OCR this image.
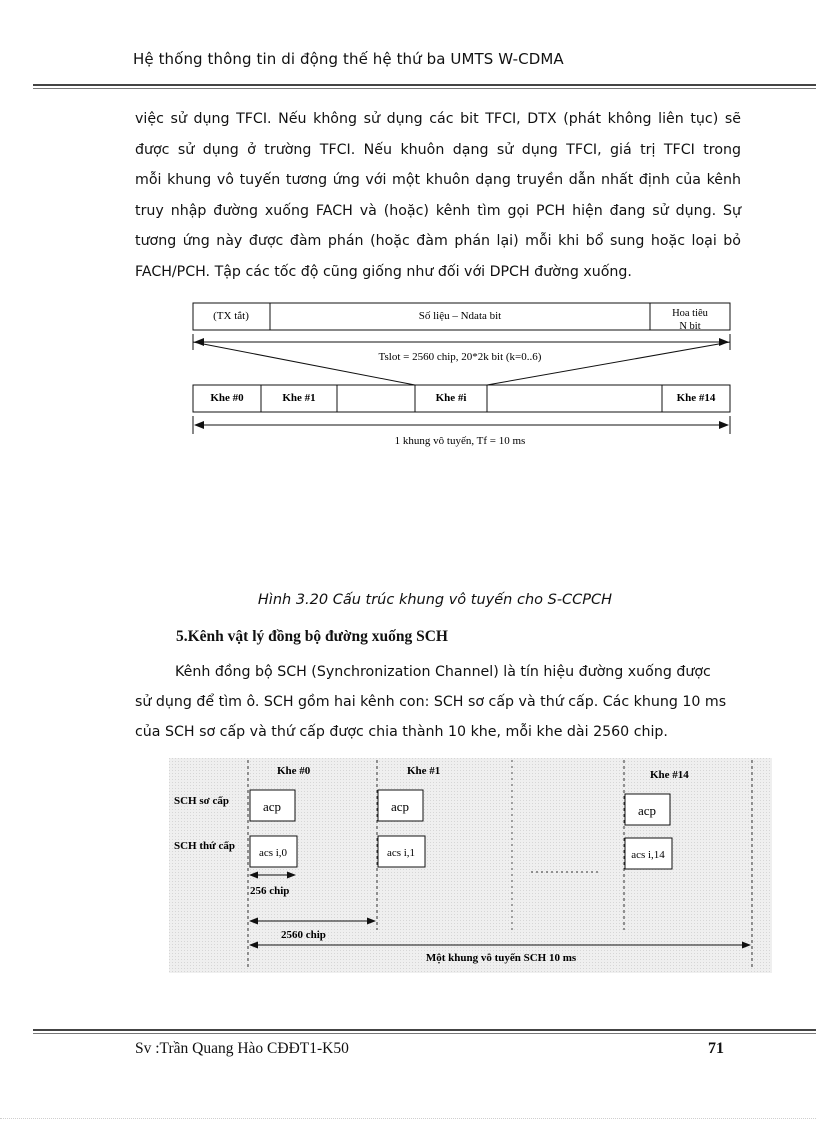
Hệ thống thông tin di động thế hệ thứ ba UMTS W-CDMA
việc sử dụng TFCI. Nếu không sử dụng các bit TFCI, DTX (phát không liên tục) sẽ
được sử dụng ở trường TFCI. Nếu khuôn dạng sử dụng TFCI, giá trị TFCI trong
mỗi khung vô tuyến tương ứng với một khuôn dạng truyền dẫn nhất định của kênh
truy nhập đường xuống FACH và (hoặc) kênh tìm gọi PCH hiện đang sử dụng. Sự
tương ứng này được đàm phán (hoặc đàm phán lại) mỗi khi bổ sung hoặc loại bỏ
FACH/PCH. Tập các tốc độ cũng giống như đối với DPCH đường xuống.
(TX tắt)	Số liệu – Ndata bit	Hoa tiêu
N bit
Tslot = 2560 chip, 20*2k bit (k=0..6)
Khe #0	Khe #1	Khe #i	Khe #14
1 khung vô tuyến, Tf = 10 ms
Hình 3.20 Cấu trúc khung vô tuyến cho S-CCPCH
5.Kênh vật lý đồng bộ đường xuống SCH
Kênh đồng bộ SCH (Synchronization Channel) là tín hiệu đường xuống được
sử dụng để tìm ô. SCH gồm hai kênh con: SCH sơ cấp và thứ cấp. Các khung 10 ms
của SCH sơ cấp và thứ cấp được chia thành 10 khe, mỗi khe dài 2560 chip.
Khe #0	Khe #1	Khe #14
SCH sơ cấp
SCH thứ cấp
acp	acp	acp
acs i,0	acs i,1	acs i,14
256 chip
2560 chip
Một khung vô tuyến SCH 10 ms
Sv :Trần Quang Hào CĐĐT1-K50	71
